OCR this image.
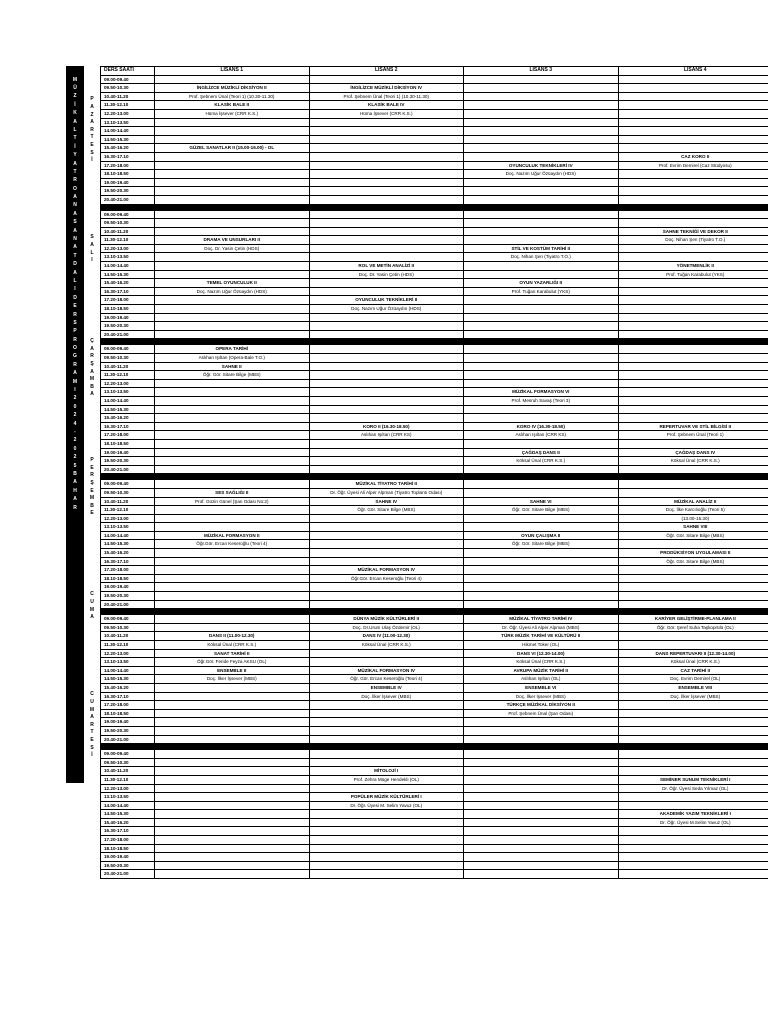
M
Ü
Z
İ
K
A
L
T
İ
Y
A
T
R
O
A
N
A
S
A
N
A
T
D
A
L
I
D
E
R
S
P
R
O
G
R
A
M
I
2
0
2
4
-
2
0
2
5
B
A
H
A
R
P
A
Z
A
R
T
E
S
İ
S
A
L
I
Ç
A
R
Ş
A
M
B
A
P
E
R
Ş
E
M
B
E
C
U
M
A
C
U
M
A
R
T
E
S
İ
DERS SAATİ	LİSANS 1	LİSANS 2	LİSANS 3	LİSANS 4
09.00-09.40				
09.50-10.30	İNGİLİZCE MÜZİKLİ DİKSİYON II	İNGİLİZCE MÜZİKLİ DİKSİYON IV		
10.40-11.20	Prof. Şebnem Ünal (Teori 1) (10.30-11.30)	Prof. Şebnem Ünal (Teori 1) (10.30-11.30)		
11.30-12.10	KLASİK BALE II	KLASİK BALE IV		
12.20-13.00	Hüma İşsever (CRR K.S.)	Hüma İşsever (CRR K.S.)		
13.10-13.50				
14.00-14.40				
14.50-15.30				
15.40-16.20	GÜZEL SANATLAR II (15.00-16.00) - OL			
16.30-17.10				CAZ KORO II
17.20-18.00			OYUNCULUK TEKNİKLERİ IV	Prof. Evrim Demirel (Caz Stüdyosu)
18.10-18.50			Doç. Nazım Uğur Özüaydın (HDS)	
19.00-19.40				
19.50-20.30				
20.40-21.00				

09.00-09.40				
09.50-10.30				
10.40-11.20				SAHNE TEKNİĞİ VE DEKOR II
11.30-12.10	DRAMA VE UNSURLARI II			Doç. Nihan Şen (Tiyatro T.O.)
12.20-13.00	Doç. Dr. Yasin Çetin (HDS)		STİL VE KOSTÜM TARİHİ II	
13.10-13.50			Doç. Nihan Şen (Tiyatro T.O.)	
14.00-14.40		ROL VE METİN ANALİZİ II		YÖNETMENLİK II
14.50-15.30		Doç. Dr. Yasin Çetin (HDS)		Prof. Tuğan Karabulut (YKS)
15.40-16.20	TEMEL OYUNCULUK II		OYUN YAZARLIĞI II	
16.30-17.10	Doç. Nazım Uğur Özüaydın (HDS)		Prof. Tuğan Karabulut (YKS)	
17.20-18.00		OYUNCULUK TEKNİKLERİ II		
18.10-18.50		Doç. Nazım Uğur Özüaydın (HDS)		
19.00-19.40				
19.50-20.30				
20.40-21.00				

09.00-09.40	OPERA TARİHİ			
09.50-10.30	Aslıhan Işıltan (Opera-Bale T.O.)			
10.40-11.20	SAHNE II			
11.30-12.10	Öğr. Gör. Sitare Bilge (MBS)			
12.20-13.00				
13.10-13.50			MÜZİKAL FORMASYON VI	
14.00-14.40			Prof. Mesruh Savaş (Teori 3)	
14.50-15.30				
15.40-16.20				
16.30-17.10		KORO II (16.30-18.50)	KORO IV (16.30-18.50)	REPERTUVAR VE STİL BİLGİSİ II
17.20-18.00		Aslıhan Işıltan (CRR KS)	Aslıhan Işıltan (CRR KS)	Prof. Şebnem Ünal (Teori 1)
18.10-18.50				
19.00-19.40			ÇAĞDAŞ DANS II	ÇAĞDAŞ DANS IV
19.50-20.30			Köksal Ünal (CRR K.S.)	Köksal Ünal (CRR K.S.)
20.40-21.00				

09.00-09.40		MÜZİKAL TİYATRO TARİHİ II		
09.50-10.30	SES SAĞLIĞI II	Dr. Öğr. Üyesi Ali Alper Alpman (Tiyatro Toplantı Odası)		
10.40-11.20	Prof. Güzin Günel (Şan Odası No:2)	SAHNE IV	SAHNE VI	MÜZİKAL ANALİZ II
11.30-12.10		Öğr. Gör. Sitare Bilge (MBS)	Öğr. Gör. Sitare Bilge (MBS)	Doç. İlke Karcılıoğlu (Teori 5)
12.20-13.00				(13.00-15.30)
13.10-13.50				SAHNE VIII
14.00-14.40	MÜZİKAL FORMASYON II		OYUN ÇALIŞMA II	Öğr. Gör. Sitare Bilge (MBS)
14.50-15.30	Öğr.Gör. Ercan Keseroğlu (Teori 4)		Öğr. Gör. Sitare Bilge (MBS)	
15.40-16.20				PRODÜKSİYON UYGULAMASI II
16.30-17.10				Öğr. Gör. Sitare Bilge (MBS)
17.20-18.00		MÜZİKAL FORMASYON IV		
18.10-18.50		Öğr.Gör. Ercan Keseroğlu (Teori 4)		
19.00-19.40				
19.50-20.30				
20.40-21.00				

09.00-09.40		DÜNYA MÜZİK KÜLTÜRLERİ II	MÜZİKAL TİYATRO TARİHİ IV	KARİYER GELİŞTİRME-PLANLAMA II
09.50-10.30		Doç. Dr.Urum Ulaş Özdemir (OL)	Dr. Öğr. Üyesi Ali Alper Alpman (MBS)	Öğr. Gör. Şeref Suha Taşkoprülü (OL)
10.40-11.20	DANS II (11.00-12.30)	DANS IV (11.00-12.30)	TÜRK MÜZİK TARİHİ VE KÜLTÜRÜ II	
11.30-12.10	Köksal Ünal (CRR K.S.)	Köksal Ünal (CRR K.S.)	Hikmet Toker (OL)	
12.20-13.00	SANAT TARİHİ II		DANS VI (12.30-14.00)	DANS REPERTUVARI II (12.30-14.00)
13.10-13.50	Öğr.Gör. Feride Feyza AKSU (OL)		Köksal Ünal (CRR K.S.)	Köksal Ünal (CRR K.S.)
14.00-14.40	ENSEMBLE II	MÜZİKAL FORMASYON IV	AVRUPA MÜZİK TARİHİ II	CAZ TARİHİ II
14.50-15.30	Doç. İlker İşsever (MBS)	Öğr. Gör. Ercan Keseroğlu (Teori 4)	Aslıhan Işıltan (OL)	Doç. Evrim Demirel (OL)
15.40-16.20		ENSEMBLE IV	ENSEMBLE VI	ENSEMBLE VIII
16.30-17.10		Doç. İlker İşsever (MBS)	Doç. İlker İşsever (MBS)	Doç. İlker İşsever (MBS)
17.20-18.00			TÜRKÇE MÜZİKAL DİKSİYON II	
18.10-18.50			Prof. Şebnem Ünal (Şan Odası)	
19.00-19.40				
19.50-20.30				
20.40-21.00				

09.00-09.40				
09.50-10.30				
10.40-11.20		MİTOLOJİ I		
11.30-12.10		Prof. Zehra Müge Hendekli (OL)		SEMİNER SUNUM TEKNİKLERİ I
12.20-13.00				Dr. Öğr. Üyesi Seda Yılmaz (OL)
13.10-13.50		POPÜLER MÜZİK KÜLTÜRLERİ I		
14.00-14.40		Dr. Öğr. Üyesi M. Selim Yavuz (OL)		
14.50-15.30				AKADEMİK YAZIM TEKNİKLERİ I
15.40-16.20				Dr. Öğr. Üyesi M.Selim Yavuz (OL)
16.30-17.10				
17.20-18.00				
18.10-18.50				
19.00-19.40				
19.50-20.30				
20.40-21.00				
